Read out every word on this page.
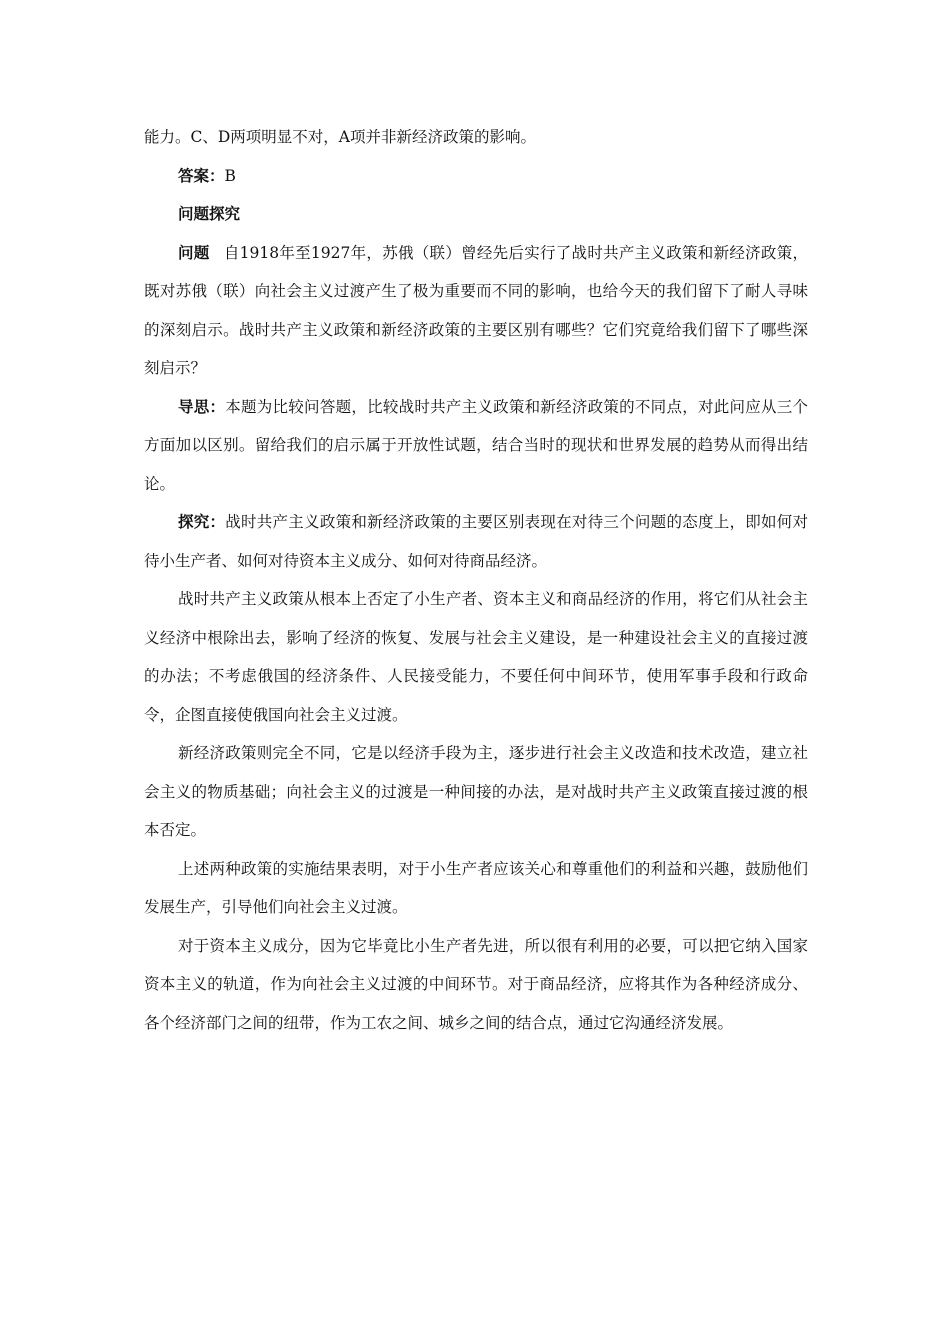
能力。C、D两项明显不对，A项并非新经济政策的影响。

答案：B

问题探究

问题 自1918年至1927年，苏俄（联）曾经先后实行了战时共产主义政策和新经济政策，既对苏俄（联）向社会主义过渡产生了极为重要而不同的影响，也给今天的我们留下了耐人寻味的深刻启示。战时共产主义政策和新经济政策的主要区别有哪些？它们究竟给我们留下了哪些深刻启示？

导思：本题为比较问答题，比较战时共产主义政策和新经济政策的不同点，对此问应从三个方面加以区别。留给我们的启示属于开放性试题，结合当时的现状和世界发展的趋势从而得出结论。

探究：战时共产主义政策和新经济政策的主要区别表现在对待三个问题的态度上，即如何对待小生产者、如何对待资本主义成分、如何对待商品经济。

战时共产主义政策从根本上否定了小生产者、资本主义和商品经济的作用，将它们从社会主义经济中根除出去，影响了经济的恢复、发展与社会主义建设，是一种建设社会主义的直接过渡的办法；不考虑俄国的经济条件、人民接受能力，不要任何中间环节，使用军事手段和行政命令，企图直接使俄国向社会主义过渡。

新经济政策则完全不同，它是以经济手段为主，逐步进行社会主义改造和技术改造，建立社会主义的物质基础；向社会主义的过渡是一种间接的办法，是对战时共产主义政策直接过渡的根本否定。

上述两种政策的实施结果表明，对于小生产者应该关心和尊重他们的利益和兴趣，鼓励他们发展生产，引导他们向社会主义过渡。

对于资本主义成分，因为它毕竟比小生产者先进，所以很有利用的必要，可以把它纳入国家资本主义的轨道，作为向社会主义过渡的中间环节。对于商品经济，应将其作为各种经济成分、各个经济部门之间的纽带，作为工农之间、城乡之间的结合点，通过它沟通经济发展。
